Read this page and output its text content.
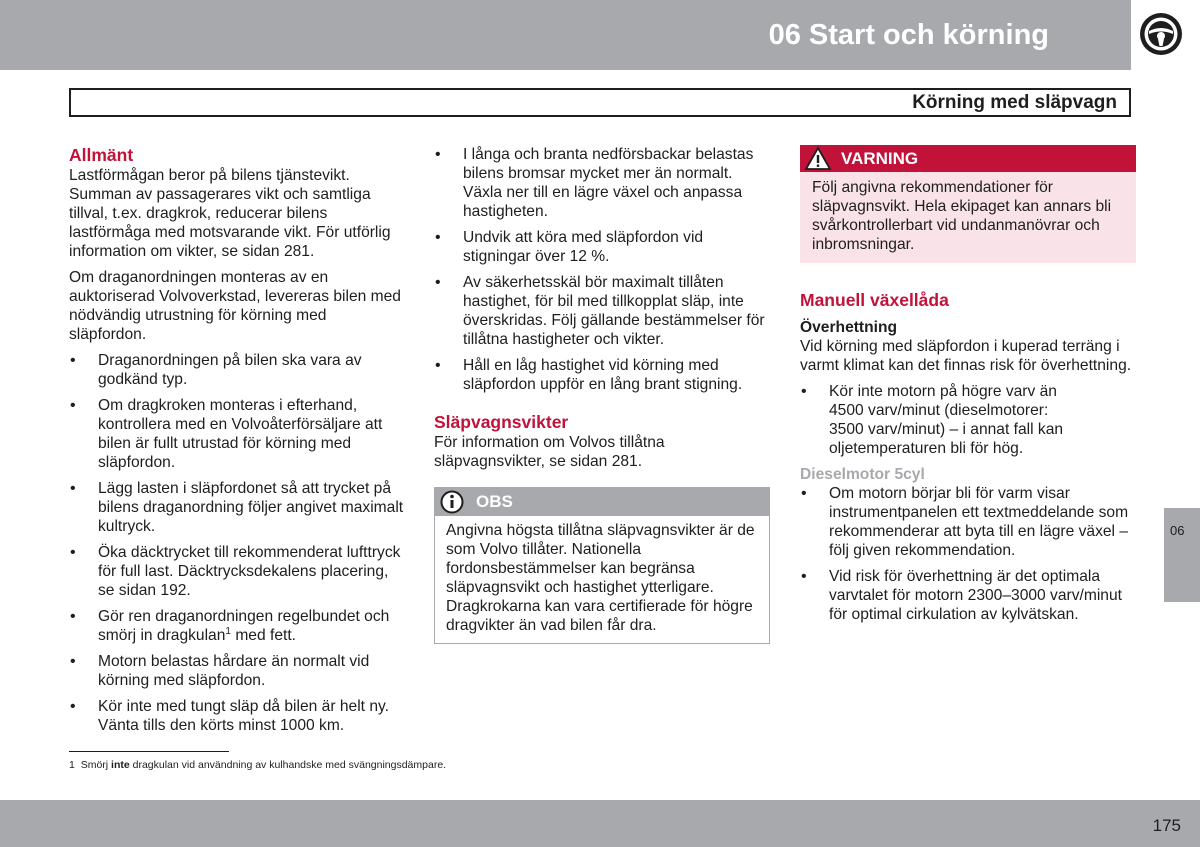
06 Start och körning
Körning med släpvagn
Allmänt

Lastförmågan beror på bilens tjänstevikt. Summan av passagerares vikt och samtliga tillval, t.ex. dragkrok, reducerar bilens lastförmåga med motsvarande vikt. För utförlig information om vikter, se sidan 281.

Om draganordningen monteras av en auktoriserad Volvoverkstad, levereras bilen med nödvändig utrustning för körning med släpfordon.

• Draganordningen på bilen ska vara av godkänd typ.
• Om dragkroken monteras i efterhand, kontrollera med en Volvoåterförsäljare att bilen är fullt utrustad för körning med släpfordon.
• Lägg lasten i släpfordonet så att trycket på bilens draganordning följer angivet maximalt kultryck.
• Öka däcktrycket till rekommenderat lufttryck för full last. Däcktrycksdekalens placering, se sidan 192.
• Gör ren draganordningen regelbundet och smörj in dragkulan$^1$ med fett.
• Motorn belastas hårdare än normalt vid körning med släpfordon.
• Kör inte med tungt släp då bilen är helt ny. Vänta tills den körts minst 1000 km.
• I långa och branta nedförsbackar belastas bilens bromsar mycket mer än normalt. Växla ner till en lägre växel och anpassa hastigheten.
• Undvik att köra med släpfordon vid stigningar över 12 %.
• Av säkerhetsskäl bör maximalt tillåten hastighet, för bil med tillkopplat släp, inte överskridas. Följ gällande bestämmelser för tillåtna hastigheter och vikter.
• Håll en låg hastighet vid körning med släpfordon uppför en lång brant stigning.
Släpvagnsvikter

För information om Volvos tillåtna släpvagnsvikter, se sidan 281.

OBS
Angivna högsta tillåtna släpvagnsvikter är de som Volvo tillåter. Nationella fordonsbestämmelser kan begränsa släpvagnsvikt och hastighet ytterligare. Dragkrokarna kan vara certifierade för högre dragvikter än vad bilen får dra.
VARNING
Följ angivna rekommendationer för släpvagnsvikt. Hela ekipaget kan annars bli svårkontrollerbart vid undanmanövrar och inbromsningar.
Manuell växellåda
Överhettning

Vid körning med släpfordon i kuperad terräng i varmt klimat kan det finnas risk för överhettning.

• Kör inte motorn på högre varv än
4500 varv/minut (dieselmotorer:
3500 varv/minut) – i annat fall kan oljetemperaturen bli för hög.
Dieselmotor 5cyl
• Om motorn börjar bli för varm visar instrumentpanelen ett textmeddelande som rekommenderar att byta till en lägre växel – följ given rekommendation.
• Vid risk för överhettning är det optimala varvtalet för motorn 2300–3000 varv/minut för optimal cirkulation av kylvätskan.
1 Smörj inte dragkulan vid användning av kulhandske med svängningsdämpare.
06
175
